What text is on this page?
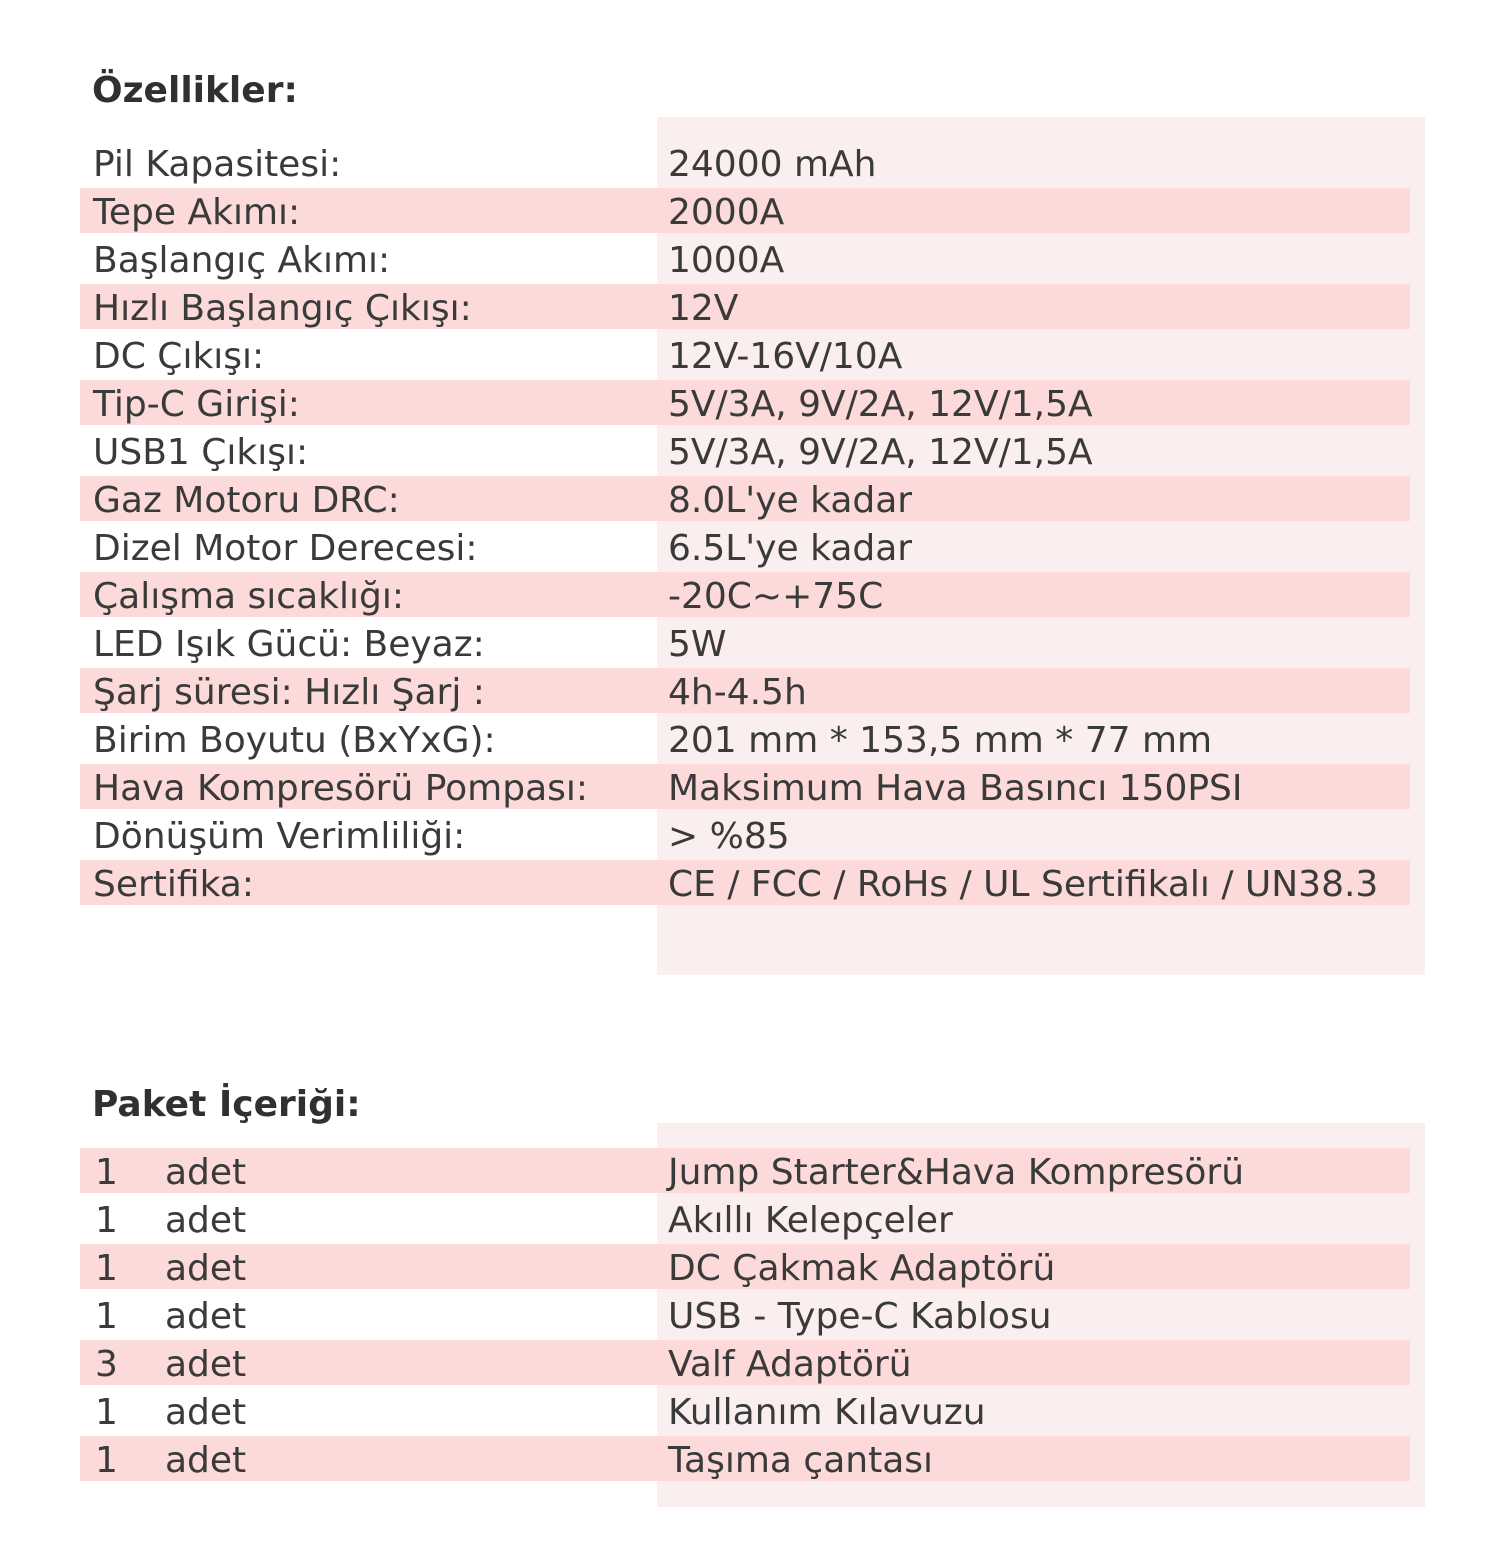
Özellikler:
Pil Kapasitesi:	24000 mAh
Tepe Akımı:	2000A
Başlangıç Akımı:	1000A
Hızlı Başlangıç Çıkışı:	12V
DC Çıkışı:	12V-16V/10A
Tip-C Girişi:	5V/3A, 9V/2A, 12V/1,5A
USB1 Çıkışı:	5V/3A, 9V/2A, 12V/1,5A
Gaz Motoru DRC:	8.0L'ye kadar
Dizel Motor Derecesi:	6.5L'ye kadar
Çalışma sıcaklığı:	-20C~+75C
LED Işık Gücü: Beyaz:	5W
Şarj süresi: Hızlı Şarj :	4h-4.5h
Birim Boyutu (BxYxG):	201 mm * 153,5 mm * 77 mm
Hava Kompresörü Pompası:	Maksimum Hava Basıncı 150PSI
Dönüşüm Verimliliği:	> %85
Sertifika:	CE / FCC / RoHs / UL Sertifikalı / UN38.3
Paket İçeriği:
1	adet	Jump Starter&Hava Kompresörü
1	adet	Akıllı Kelepçeler
1	adet	DC Çakmak Adaptörü
1	adet	USB - Type-C Kablosu
3	adet	Valf Adaptörü
1	adet	Kullanım Kılavuzu
1	adet	Taşıma çantası
